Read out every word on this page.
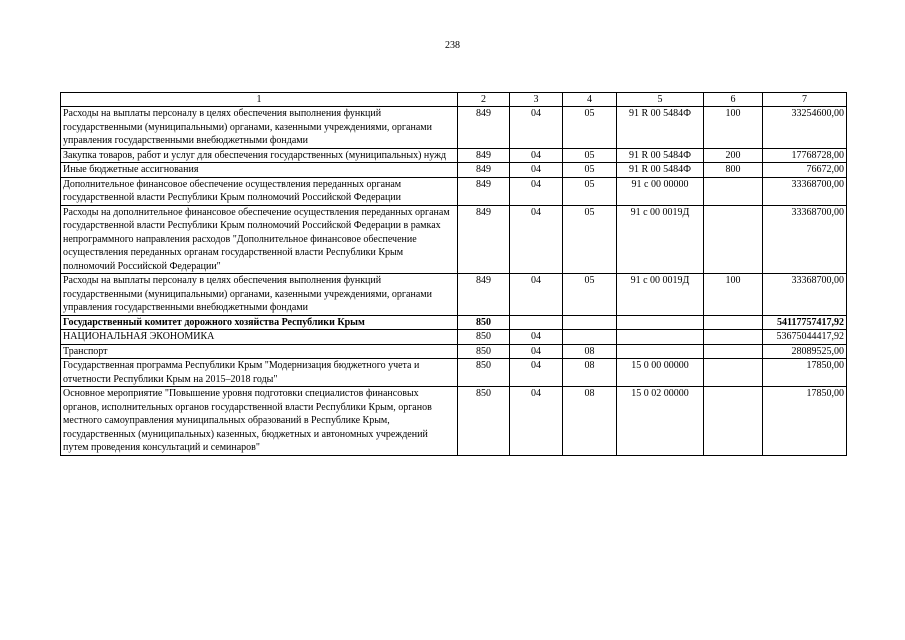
238
1	2	3	4	5	6	7
Расходы на выплаты персоналу в целях обеспечения выполнения функций государственными (муниципальными) органами, казенными учреждениями, органами управления государственными внебюджетными фондами	849	04	05	91 R 00 5484Ф	100	33254600,00
Закупка товаров, работ и услуг для обеспечения государственных (муниципальных) нужд	849	04	05	91 R 00 5484Ф	200	17768728,00
Иные бюджетные ассигнования	849	04	05	91 R 00 5484Ф	800	76672,00
Дополнительное финансовое обеспечение осуществления переданных органам государственной власти Республики Крым полномочий Российской Федерации	849	04	05	91 с 00 00000		33368700,00
Расходы на дополнительное финансовое обеспечение осуществления переданных органам государственной власти Республики Крым полномочий Российской Федерации в рамках непрограммного направления расходов "Дополнительное финансовое обеспечение осуществления переданных органам государственной власти Республики Крым полномочий Российской Федерации"	849	04	05	91 с 00 0019Д		33368700,00
Расходы на выплаты персоналу в целях обеспечения выполнения функций государственными (муниципальными) органами, казенными учреждениями, органами управления государственными внебюджетными фондами	849	04	05	91 с 00 0019Д	100	33368700,00
Государственный комитет дорожного хозяйства Республики Крым	850					54117757417,92
НАЦИОНАЛЬНАЯ ЭКОНОМИКА	850	04				53675044417,92
Транспорт	850	04	08			28089525,00
Государственная программа Республики Крым "Модернизация бюджетного учета и отчетности Республики Крым на 2015–2018 годы"	850	04	08	15 0 00 00000		17850,00
Основное мероприятие "Повышение уровня подготовки специалистов финансовых органов, исполнительных органов государственной власти Республики Крым, органов местного самоуправления муниципальных образований в Республике Крым, государственных (муниципальных) казенных, бюджетных и автономных учреждений путем проведения консультаций и семинаров"	850	04	08	15 0 02 00000		17850,00
